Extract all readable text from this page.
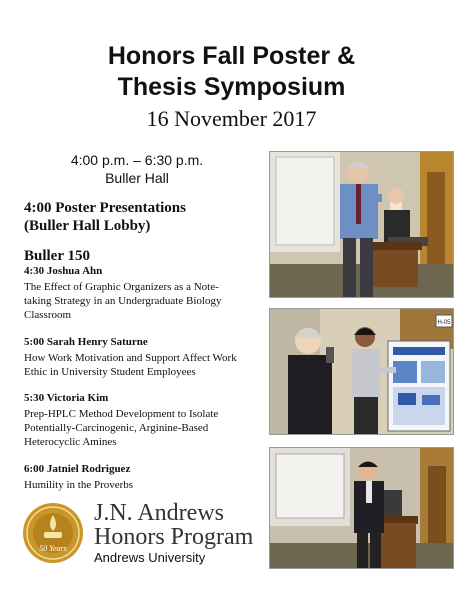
Honors Fall Poster &
Thesis Symposium
16 November 2017
4:00 p.m. – 6:30 p.m.
Buller Hall
4:00 Poster Presentations
(Buller Hall Lobby)
Buller 150
4:30 Joshua Ahn
The Effect of Graphic Organizers as a Note-
taking Strategy in an Undergraduate Biology
Classroom
5:00 Sarah Henry Saturne
How Work Motivation and Support Affect Work
Ethic in University Student Employees
5:30 Victoria Kim
Prep-HPLC Method Development to Isolate
Potentially-Carcinogenic, Arginine-Based
Heterocyclic Amines
6:00 Jatniel Rodriguez
Humility in the Proverbs
H-05
50 Years
J.N. Andrews
Honors Program
Andrews University
